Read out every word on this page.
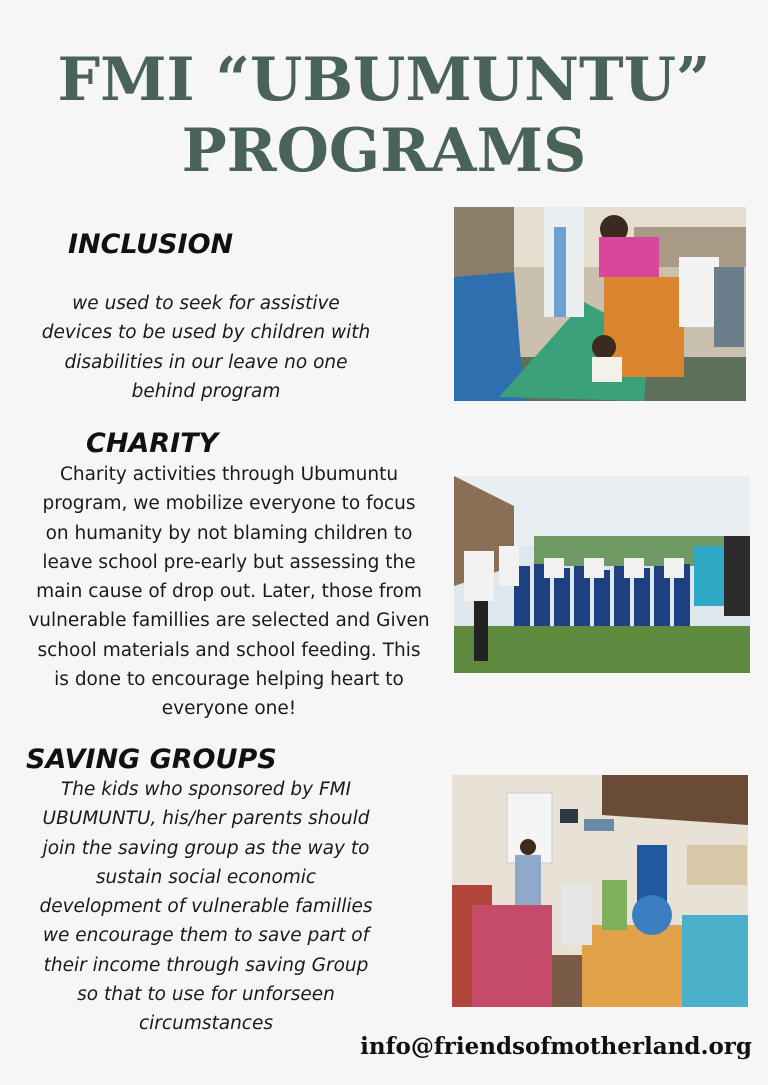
FMI “UBUMUNTU”
PROGRAMS
INCLUSION
we used to seek for assistive
devices to be used by children with
disabilities in our leave no one
behind program
CHARITY
Charity activities through Ubumuntu
program, we mobilize everyone to focus
on humanity by not blaming children to
leave school pre-early but assessing the
main cause of drop out. Later, those from
vulnerable famillies are selected and Given
school materials and school feeding. This
is done to encourage helping heart to
everyone one!
SAVING GROUPS
The kids who sponsored by FMI
UBUMUNTU, his/her parents should
join the saving group as the way to
sustain social economic
development of vulnerable famillies
we encourage them to save part of
their income through saving Group
so that to use for unforseen
circumstances
info@friendsofmotherland.org
